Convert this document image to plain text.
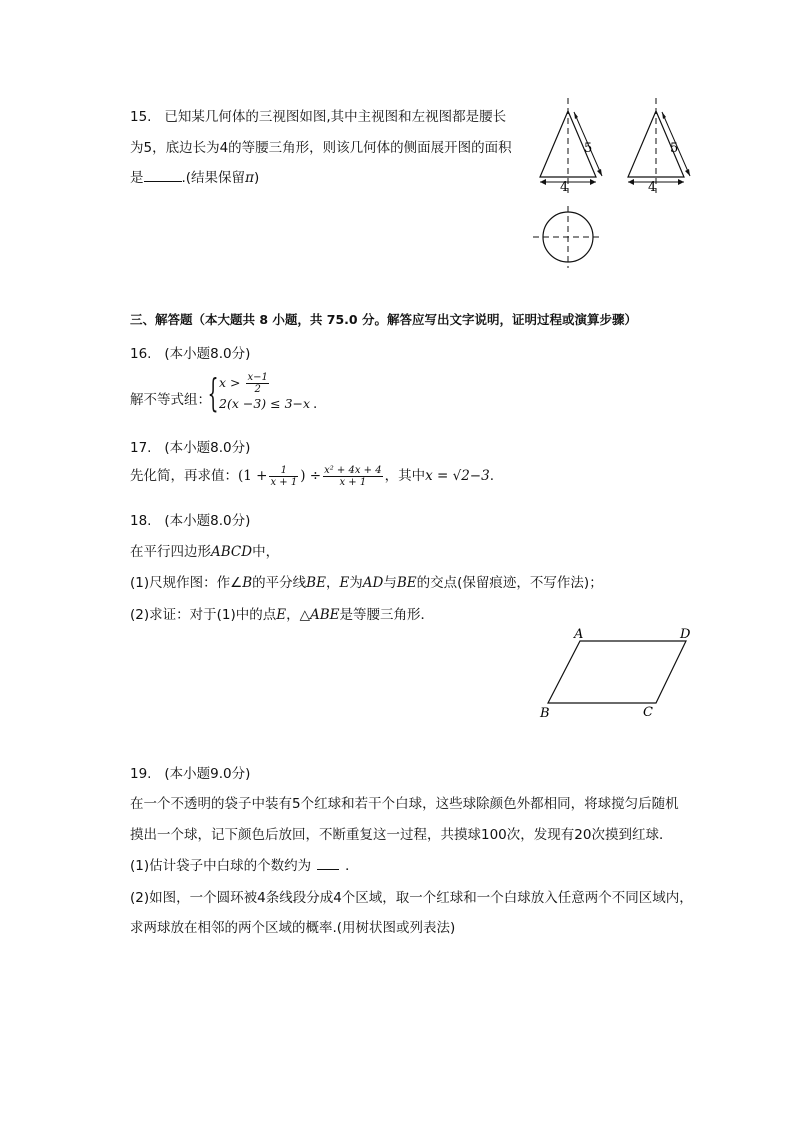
15. 已知某几何体的三视图如图,其中主视图和左视图都是腰长
为5，底边长为4的等腰三角形，则该几何体的侧面展开图的面积
是	.(结果保留π)
5
4
5
4
三、解答题（本大题共 8 小题，共 75.0 分。解答应写出文字说明，证明过程或演算步骤）
16. (本小题8.0分)
解不等式组：
{ $x > \frac{x-1}{2}$
2(x −3) ≤ 3−x .
17. (本小题8.0分)
先化简，再求值：($1 + \frac{1}{x + 1}$ ) ÷ $\frac{\text{x² + 4x + 4}}{x + 1}$ ，其中x = √2−3.
18. (本小题8.0分)
在平行四边形ABCD中，
(1)尺规作图：作∠B的平分线BE，E为AD与BE的交点(保留痕迹，不写作法)；
(2)求证：对于(1)中的点E，△ABE是等腰三角形．
A	D
B	C
19. (本小题9.0分)
在一个不透明的袋子中装有5个红球和若干个白球，这些球除颜色外都相同，将球搅匀后随机
摸出一个球，记下颜色后放回，不断重复这一过程，共摸球100次，发现有20次摸到红球．
(1)估计袋子中白球的个数约为	．
(2)如图，一个圆环被4条线段分成4个区域，取一个红球和一个白球放入任意两个不同区域内，
求两球放在相邻的两个区域的概率.(用树状图或列表法)
